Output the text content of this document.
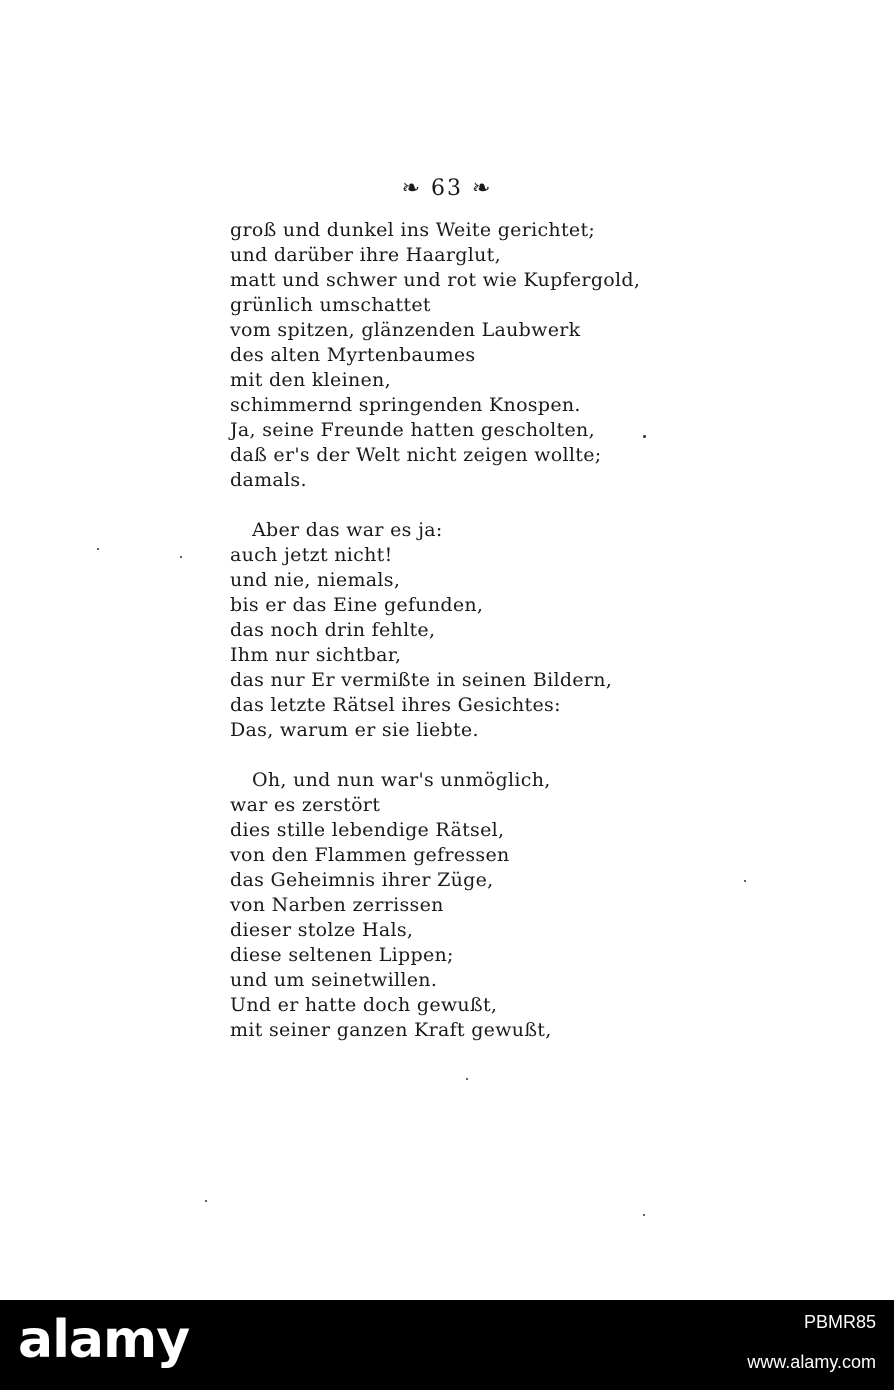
❧ 63 ❧
groß und dunkel ins Weite gerichtet;
und darüber ihre Haarglut,
matt und schwer und rot wie Kupfergold,
grünlich umschattet
vom spitzen, glänzenden Laubwerk
des alten Myrtenbaumes
mit den kleinen,
schimmernd springenden Knospen.
Ja, seine Freunde hatten gescholten,
daß er's der Welt nicht zeigen wollte;
damals.
Aber das war es ja:
auch jetzt nicht!
und nie, niemals,
bis er das Eine gefunden,
das noch drin fehlte,
Ihm nur sichtbar,
das nur Er vermißte in seinen Bildern,
das letzte Rätsel ihres Gesichtes:
Das, warum er sie liebte.
Oh, und nun war's unmöglich,
war es zerstört
dies stille lebendige Rätsel,
von den Flammen gefressen
das Geheimnis ihrer Züge,
von Narben zerrissen
dieser stolze Hals,
diese seltenen Lippen;
und um seinetwillen.
Und er hatte doch gewußt,
mit seiner ganzen Kraft gewußt,
alamy	PBMR85
www.alamy.com
